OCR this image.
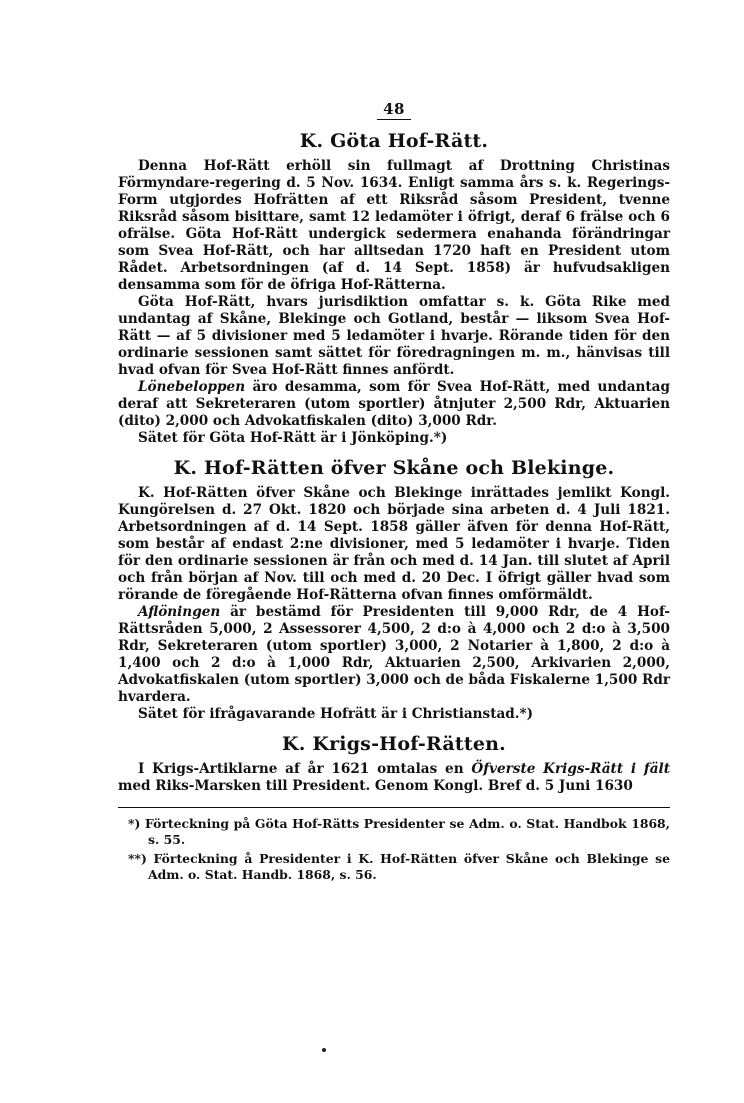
48
K. Göta Hof-Rätt.

Denna Hof-Rätt erhöll sin fullmagt af Drottning Christinas Förmyndare-regering d. 5 Nov. 1634. Enligt samma års s. k. Regerings-Form utgjordes Hofrätten af ett Riksråd såsom President, tvenne Riksråd såsom bisittare, samt 12 ledamöter i öfrigt, deraf 6 frälse och 6 ofrälse. Göta Hof-Rätt undergick sedermera enahanda förändringar som Svea Hof-Rätt, och har alltsedan 1720 haft en President utom Rådet. Arbetsordningen (af d. 14 Sept. 1858) är hufvudsakligen densamma som för de öfriga Hof-Rätterna.

Göta Hof-Rätt, hvars jurisdiktion omfattar s. k. Göta Rike med undantag af Skåne, Blekinge och Gotland, består — liksom Svea Hof-Rätt — af 5 divisioner med 5 ledamöter i hvarje. Rörande tiden för den ordinarie sessionen samt sättet för föredragningen m. m., hänvisas till hvad ofvan för Svea Hof-Rätt finnes anfördt.

Lönebeloppen äro desamma, som för Svea Hof-Rätt, med undantag deraf att Sekreteraren (utom sportler) åtnjuter 2,500 Rdr, Aktuarien (dito) 2,000 och Advokatfiskalen (dito) 3,000 Rdr.

Sätet för Göta Hof-Rätt är i Jönköping.*)

K. Hof-Rätten öfver Skåne och Blekinge.

K. Hof-Rätten öfver Skåne och Blekinge inrättades jemlikt Kongl. Kungörelsen d. 27 Okt. 1820 och började sina arbeten d. 4 Juli 1821. Arbetsordningen af d. 14 Sept. 1858 gäller äfven för denna Hof-Rätt, som består af endast 2:ne divisioner, med 5 ledamöter i hvarje. Tiden för den ordinarie sessionen är från och med d. 14 Jan. till slutet af April och från början af Nov. till och med d. 20 Dec. I öfrigt gäller hvad som rörande de föregående Hof-Rätterna ofvan finnes omförmäldt.

Aflöningen är bestämd för Presidenten till 9,000 Rdr, de 4 Hof-Rättsråden 5,000, 2 Assessorer 4,500, 2 d:o à 4,000 och 2 d:o à 3,500 Rdr, Sekreteraren (utom sportler) 3,000, 2 Notarier à 1,800, 2 d:o à 1,400 och 2 d:o à 1,000 Rdr, Aktuarien 2,500, Arkivarien 2,000, Advokatfiskalen (utom sportler) 3,000 och de båda Fiskalerne 1,500 Rdr hvardera.

Sätet för ifrågavarande Hofrätt är i Christianstad.*)

K. Krigs-Hof-Rätten.

I Krigs-Artiklarne af år 1621 omtalas en Öfverste Krigs-Rätt i fält med Riks-Marsken till President. Genom Kongl. Bref d. 5 Juni 1630

*) Förteckning på Göta Hof-Rätts Presidenter se Adm. o. Stat. Handbok 1868, s. 55.
**) Förteckning å Presidenter i K. Hof-Rätten öfver Skåne och Blekinge se Adm. o. Stat. Handb. 1868, s. 56.
